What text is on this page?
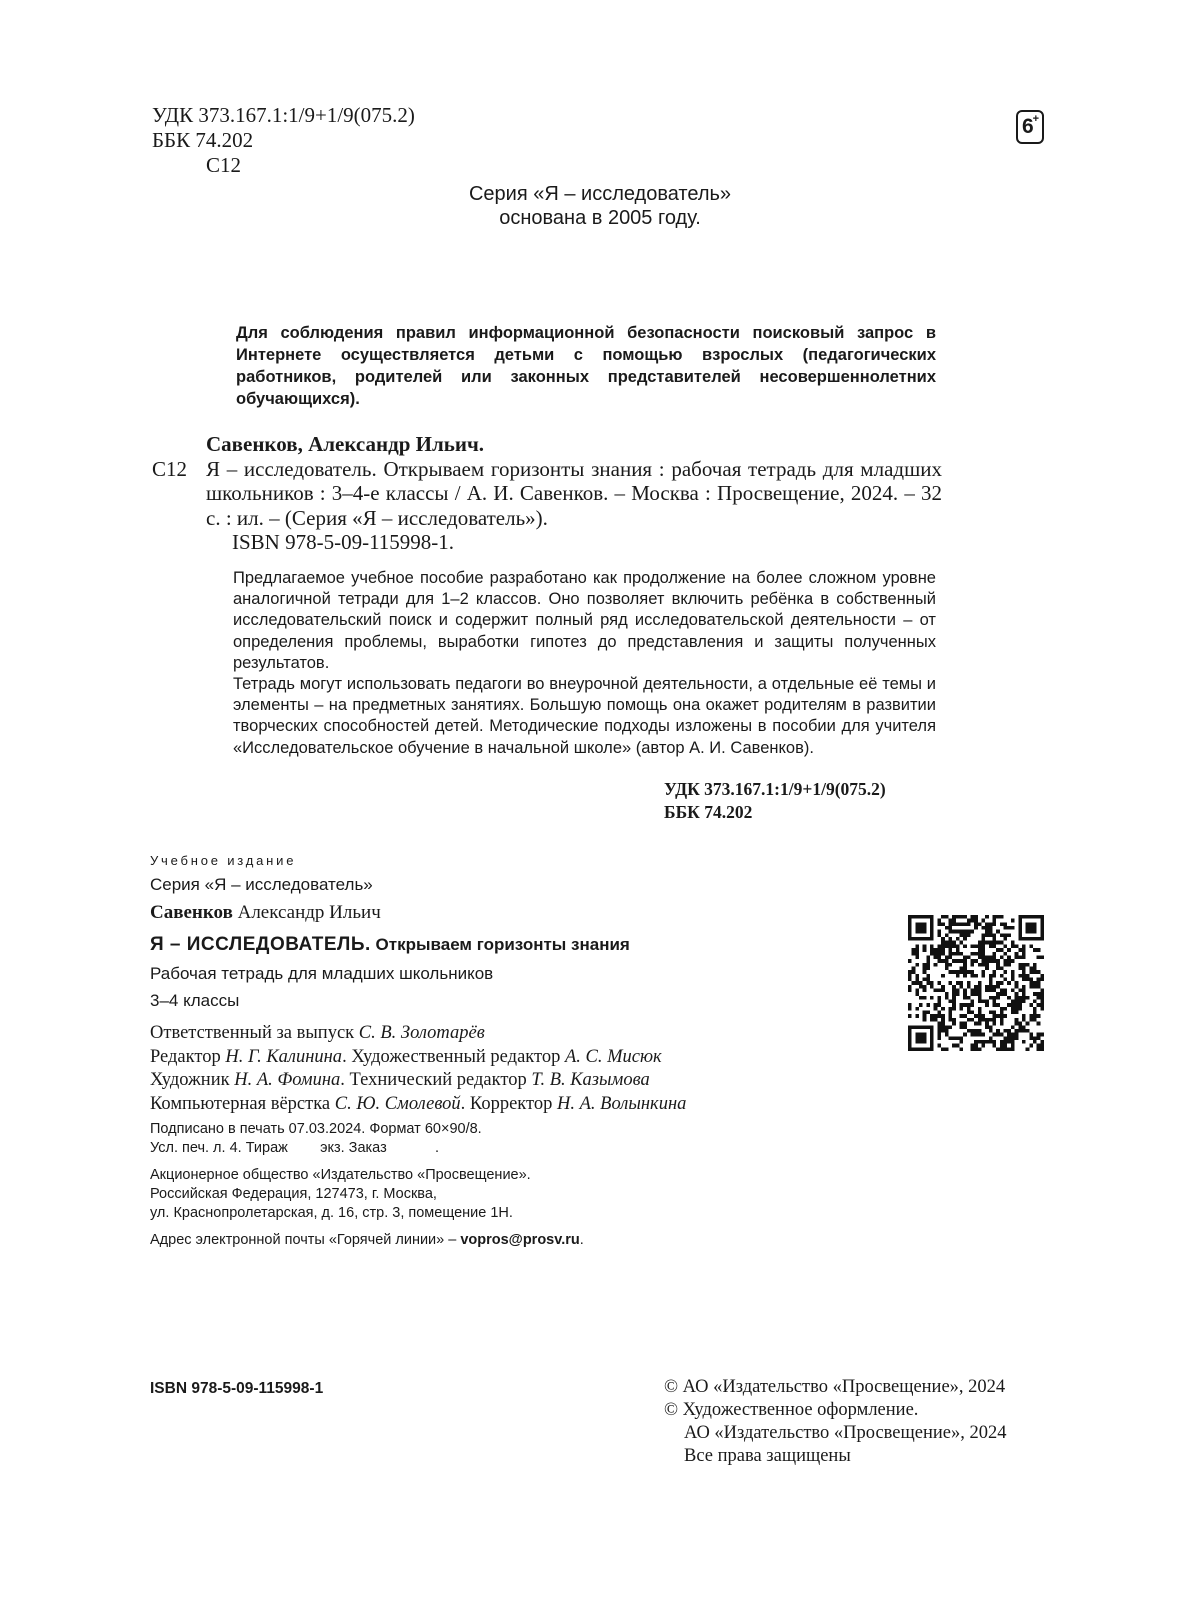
УДК 373.167.1:1/9+1/9(075.2)
ББК 74.202
С12
6+
Серия «Я – исследователь»
основана в 2005 году.
Для соблюдения правил информационной безопасности поисковый запрос в Интернете осуществляется детьми с помощью взрослых (педагогических работников, родителей или законных представителей несовершеннолетних обучающихся).
Савенков, Александр Ильич.
С12 Я – исследователь. Открываем горизонты знания : рабочая тетрадь для младших школьников : 3–4-е классы / А. И. Савенков. – Москва : Просвещение, 2024. – 32 с. : ил. – (Серия «Я – исследователь»).
ISBN 978-5-09-115998-1.

Предлагаемое учебное пособие разработано как продолжение на более сложном уровне аналогичной тетради для 1–2 классов. Оно позволяет включить ребёнка в собственный исследовательский поиск и содержит полный ряд исследовательской деятельности – от определения проблемы, выработки гипотез до представления и защиты полученных результатов.

Тетрадь могут использовать педагоги во внеурочной деятельности, а отдельные её темы и элементы – на предметных занятиях. Большую помощь она окажет родителям в развитии творческих способностей детей. Методические подходы изложены в пособии для учителя «Исследовательское обучение в начальной школе» (автор А. И. Савенков).

УДК 373.167.1:1/9+1/9(075.2)
ББК 74.202
Учебное издание
Серия «Я – исследователь»
Савенков Александр Ильич
Я – ИССЛЕДОВАТЕЛЬ. Открываем горизонты знания
Рабочая тетрадь для младших школьников
3–4 классы
Ответственный за выпуск С. В. Золотарёв
Редактор Н. Г. Калинина. Художественный редактор А. С. Мисюк
Художник Н. А. Фомина. Технический редактор Т. В. Казымова
Компьютерная вёрстка С. Ю. Смолевой. Корректор Н. А. Волынкина
Подписано в печать 07.03.2024. Формат 60×90/8.
Усл. печ. л. 4. Тираж        экз. Заказ            .
Акционерное общество «Издательство «Просвещение».
Российская Федерация, 127473, г. Москва,
ул. Краснопролетарская, д. 16, стр. 3, помещение 1Н.
Адрес электронной почты «Горячей линии» – vopros@prosv.ru.
ISBN 978-5-09-115998-1	© АО «Издательство «Просвещение», 2024
© Художественное оформление.
АО «Издательство «Просвещение», 2024
Все права защищены
